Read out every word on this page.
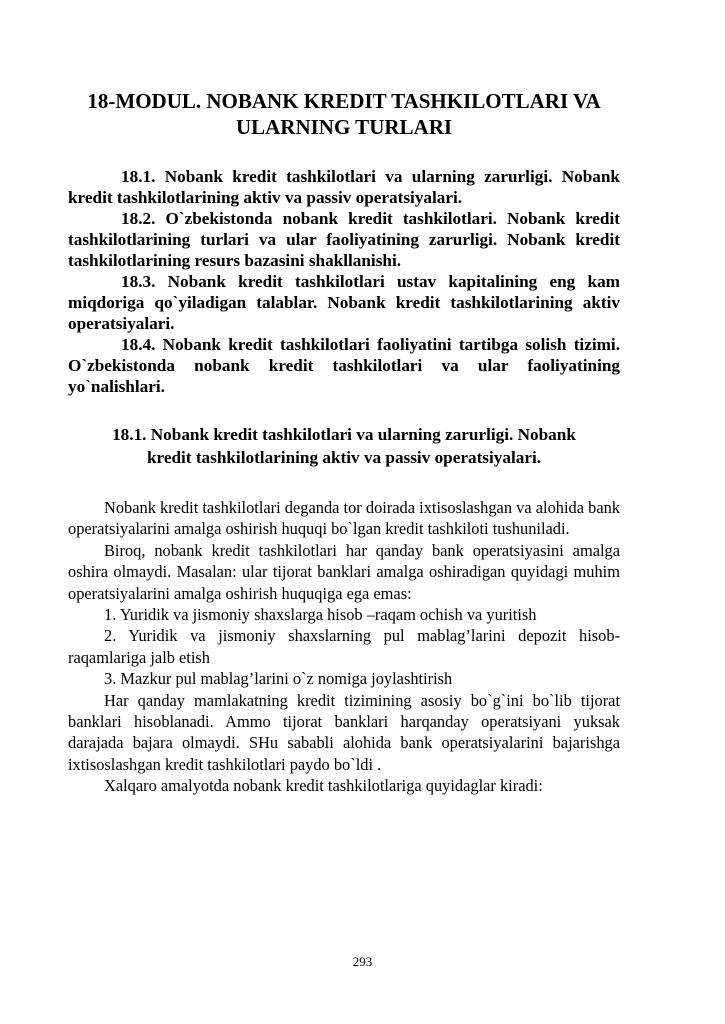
18-MODUL. NOBANK KREDIT TASHKILOTLARI VA
ULARNING TURLARI

18.1. Nobank kredit tashkilotlari va ularning zarurligi. Nobank kredit tashkilotlarining aktiv va passiv operatsiyalari.

18.2. O`zbekistonda nobank kredit tashkilotlari. Nobank kredit tashkilotlarining turlari va ular faoliyatining zarurligi. Nobank kredit tashkilotlarining resurs bazasini shakllanishi.

18.3. Nobank kredit tashkilotlari ustav kapitalining eng kam miqdoriga qo`yiladigan talablar. Nobank kredit tashkilotlarining aktiv operatsiyalari.

18.4. Nobank kredit tashkilotlari faoliyatini tartibga solish tizimi. O`zbekistonda nobank kredit tashkilotlari va ular faoliyatining yo`nalishlari.

18.1. Nobank kredit tashkilotlari va ularning zarurligi. Nobank
kredit tashkilotlarining aktiv va passiv operatsiyalari.

Nobank kredit tashkilotlari deganda tor doirada ixtisoslashgan va alohida bank operatsiyalarini amalga oshirish huquqi bo`lgan kredit tashkiloti tushuniladi.

Biroq, nobank kredit tashkilotlari har qanday bank operatsiyasini amalga oshira olmaydi. Masalan: ular tijorat banklari amalga oshiradigan quyidagi muhim operatsiyalarini amalga oshirish huquqiga ega emas:

1. Yuridik va jismoniy shaxslarga hisob –raqam ochish va yuritish

2. Yuridik va jismoniy shaxslarning pul mablag’larini depozit hisob-raqamlariga jalb etish

3. Mazkur pul mablag’larini o`z nomiga joylashtirish

Har qanday mamlakatning kredit tizimining asosiy bo`g`ini bo`lib tijorat banklari hisoblanadi. Ammo tijorat banklari harqanday operatsiyani yuksak darajada bajara olmaydi. SHu sababli alohida bank operatsiyalarini bajarishga ixtisoslashgan kredit tashkilotlari paydo bo`ldi .

Xalqaro amalyotda nobank kredit tashkilotlariga quyidaglar kiradi:

293
